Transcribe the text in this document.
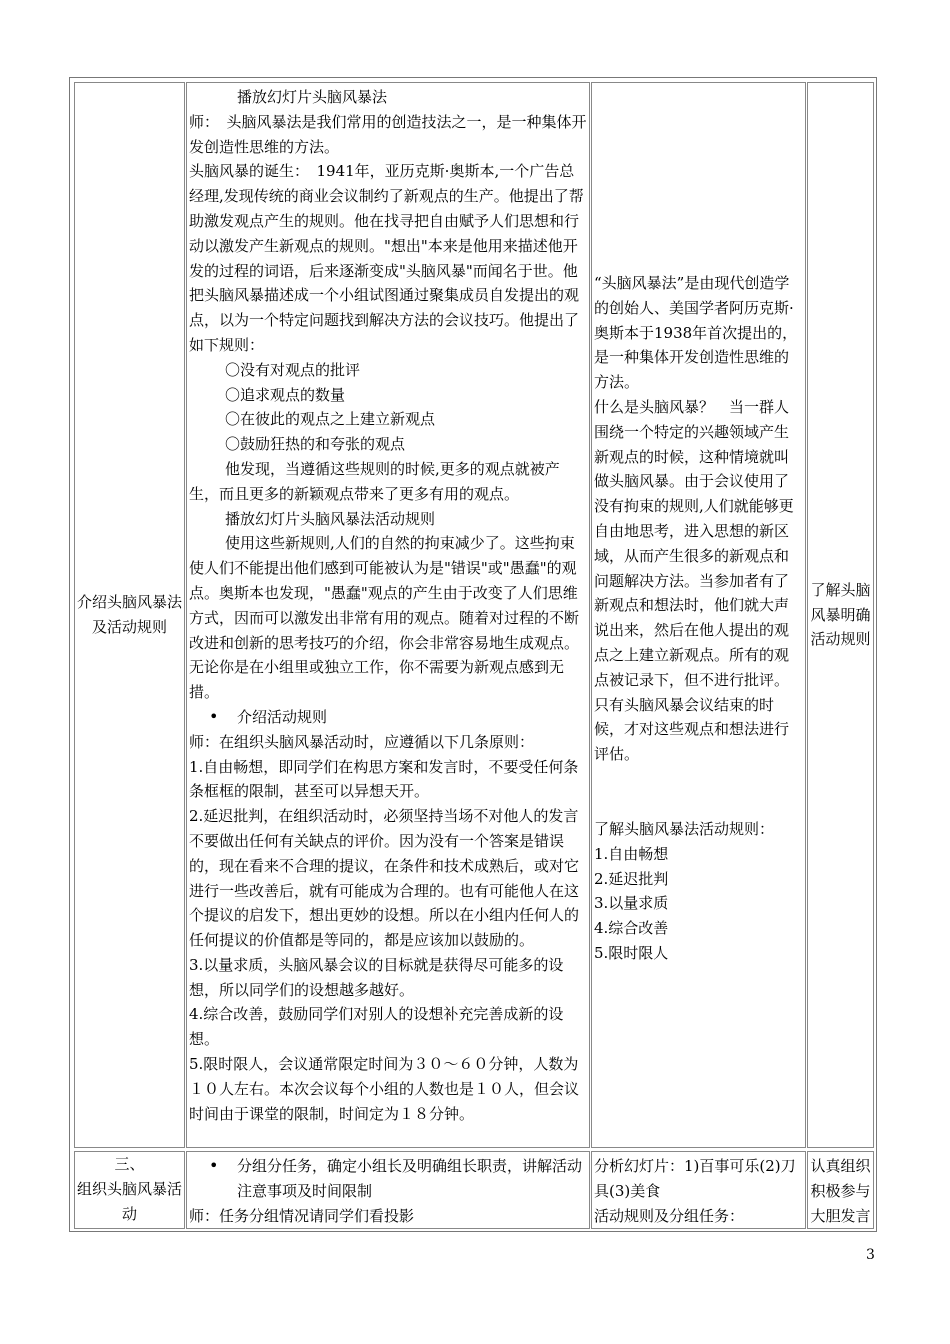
介绍头脑风暴法及活动规则
播放幻灯片头脑风暴法
师：　头脑风暴法是我们常用的创造技法之一，是一种集体开发创造性思维的方法。
头脑风暴的诞生：　1941年，亚历克斯·奥斯本,一个广告总经理,发现传统的商业会议制约了新观点的生产。他提出了帮助激发观点产生的规则。他在找寻把自由赋予人们思想和行动以激发产生新观点的规则。"想出"本来是他用来描述他开发的过程的词语，后来逐渐变成"头脑风暴"而闻名于世。他把头脑风暴描述成一个小组试图通过聚集成员自发提出的观点，以为一个特定问题找到解决方法的会议技巧。他提出了如下规则：
〇没有对观点的批评
〇追求观点的数量
〇在彼此的观点之上建立新观点
〇鼓励狂热的和夸张的观点
他发现，当遵循这些规则的时候,更多的观点就被产生，而且更多的新颖观点带来了更多有用的观点。
播放幻灯片头脑风暴法活动规则
使用这些新规则,人们的自然的拘束减少了。这些拘束使人们不能提出他们感到可能被认为是"错误"或"愚蠢"的观点。奥斯本也发现，"愚蠢"观点的产生由于改变了人们思维方式，因而可以激发出非常有用的观点。随着对过程的不断改进和创新的思考技巧的介绍，你会非常容易地生成观点。无论你是在小组里或独立工作，你不需要为新观点感到无措。
•	介绍活动规则
师：在组织头脑风暴活动时，应遵循以下几条原则：
1.自由畅想，即同学们在构思方案和发言时，不要受任何条条框框的限制，甚至可以异想天开。
2.延迟批判，在组织活动时，必须坚持当场不对他人的发言不要做出任何有关缺点的评价。因为没有一个答案是错误的，现在看来不合理的提议，在条件和技术成熟后，或对它进行一些改善后，就有可能成为合理的。也有可能他人在这个提议的启发下，想出更妙的设想。所以在小组内任何人的任何提议的价值都是等同的，都是应该加以鼓励的。
3.以量求质，头脑风暴会议的目标就是获得尽可能多的设想，所以同学们的设想越多越好。
4.综合改善，鼓励同学们对别人的设想补充完善成新的设想。
5.限时限人，会议通常限定时间为３０～６０分钟，人数为１０人左右。本次会议每个小组的人数也是１０人，但会议时间由于课堂的限制，时间定为１８分钟。
“头脑风暴法”是由现代创造学的创始人、美国学者阿历克斯·奥斯本于1938年首次提出的，是一种集体开发创造性思维的方法。
什么是头脑风暴？　当一群人围绕一个特定的兴趣领域产生新观点的时候，这种情境就叫做头脑风暴。由于会议使用了没有拘束的规则,人们就能够更自由地思考，进入思想的新区域，从而产生很多的新观点和问题解决方法。当参加者有了新观点和想法时，他们就大声说出来，然后在他人提出的观点之上建立新观点。所有的观点被记录下，但不进行批评。只有头脑风暴会议结束的时候，才对这些观点和想法进行评估。
了解头脑风暴法活动规则：
1.自由畅想
2.延迟批判
3.以量求质
4.综合改善
5.限时限人
了解头脑风暴明确活动规则
三、
组织头脑风暴活动
•	分组分任务，确定小组长及明确组长职责，讲解活动注意事项及时间限制
师：任务分组情况请同学们看投影
分析幻灯片：1)百事可乐(2)刀具(3)美食
活动规则及分组任务：
认真组织积极参与大胆发言
3
